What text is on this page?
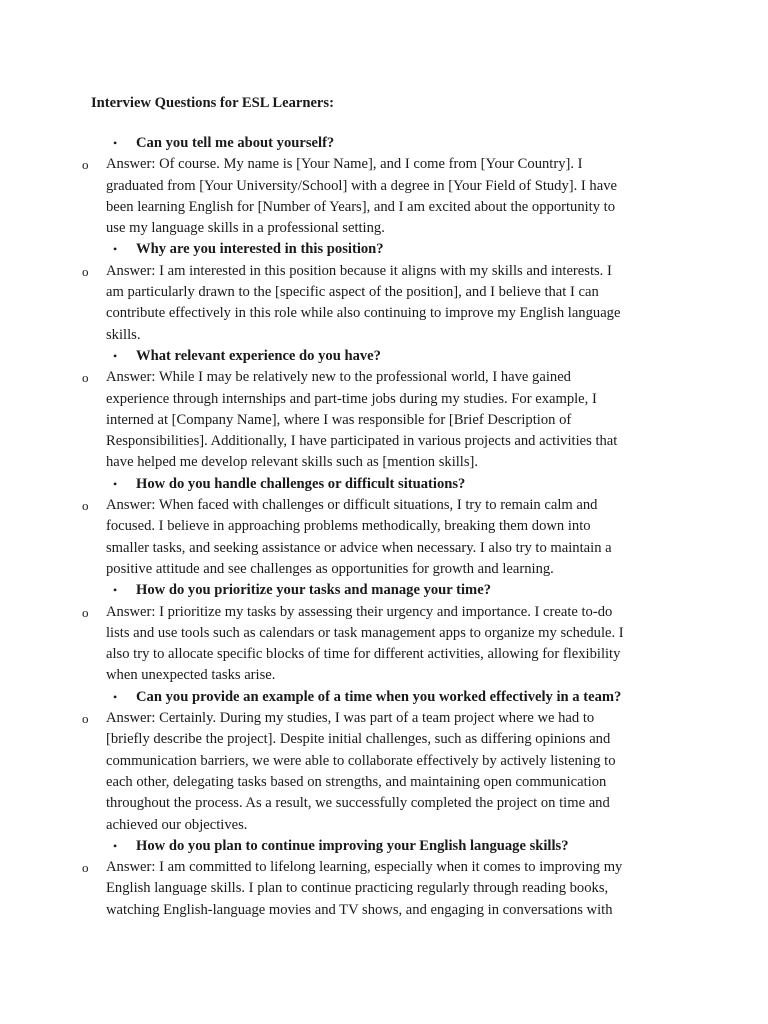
Interview Questions for ESL Learners:
• Can you tell me about yourself?
o	Answer: Of course. My name is [Your Name], and I come from [Your Country]. I
graduated from [Your University/School] with a degree in [Your Field of Study]. I have
been learning English for [Number of Years], and I am excited about the opportunity to
use my language skills in a professional setting.
• Why are you interested in this position?
o	Answer: I am interested in this position because it aligns with my skills and interests. I
am particularly drawn to the [specific aspect of the position], and I believe that I can
contribute effectively in this role while also continuing to improve my English language
skills.
• What relevant experience do you have?
o	Answer: While I may be relatively new to the professional world, I have gained
experience through internships and part-time jobs during my studies. For example, I
interned at [Company Name], where I was responsible for [Brief Description of
Responsibilities]. Additionally, I have participated in various projects and activities that
have helped me develop relevant skills such as [mention skills].
• How do you handle challenges or difficult situations?
o	Answer: When faced with challenges or difficult situations, I try to remain calm and
focused. I believe in approaching problems methodically, breaking them down into
smaller tasks, and seeking assistance or advice when necessary. I also try to maintain a
positive attitude and see challenges as opportunities for growth and learning.
• How do you prioritize your tasks and manage your time?
o	Answer: I prioritize my tasks by assessing their urgency and importance. I create to-do
lists and use tools such as calendars or task management apps to organize my schedule. I
also try to allocate specific blocks of time for different activities, allowing for flexibility
when unexpected tasks arise.
• Can you provide an example of a time when you worked effectively in a team?
o	Answer: Certainly. During my studies, I was part of a team project where we had to
[briefly describe the project]. Despite initial challenges, such as differing opinions and
communication barriers, we were able to collaborate effectively by actively listening to
each other, delegating tasks based on strengths, and maintaining open communication
throughout the process. As a result, we successfully completed the project on time and
achieved our objectives.
• How do you plan to continue improving your English language skills?
o	Answer: I am committed to lifelong learning, especially when it comes to improving my
English language skills. I plan to continue practicing regularly through reading books,
watching English-language movies and TV shows, and engaging in conversations with
